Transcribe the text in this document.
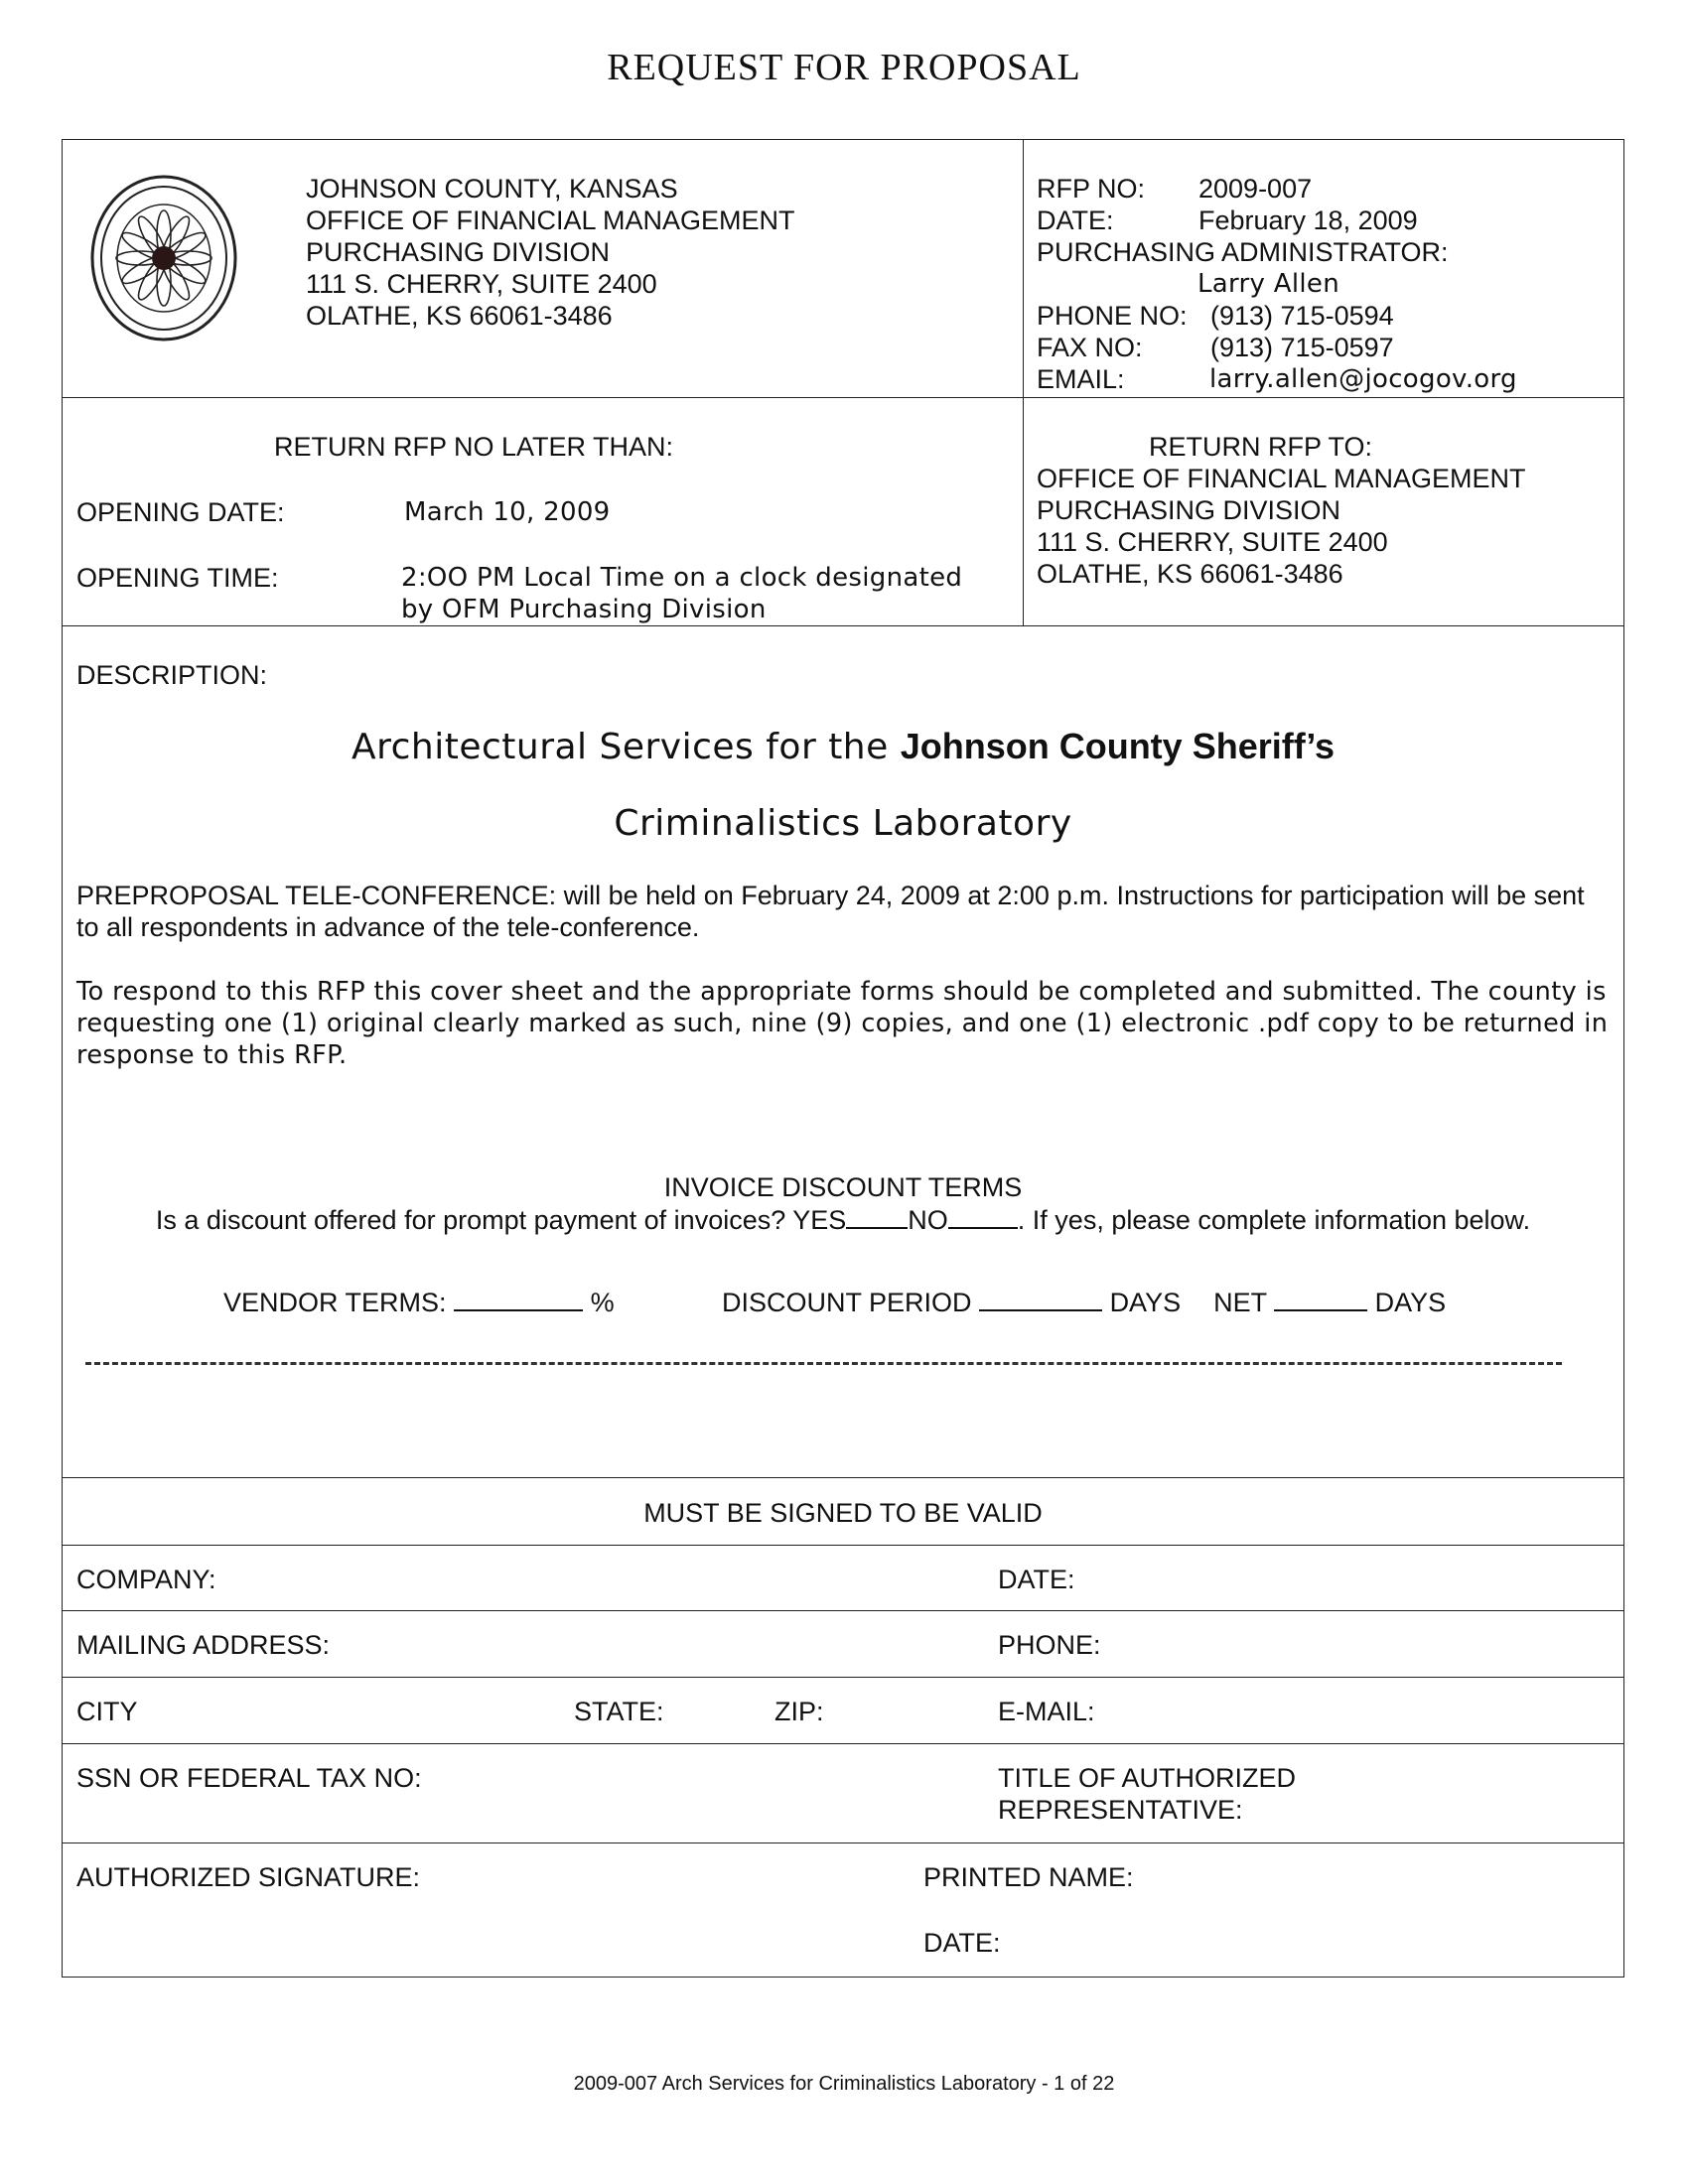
REQUEST FOR PROPOSAL
JOHNSON COUNTY, KANSAS
OFFICE OF FINANCIAL MANAGEMENT
PURCHASING DIVISION
111 S. CHERRY, SUITE 2400
OLATHE, KS 66061-3486
RFP NO: 2009-007
DATE:	February 18, 2009
PURCHASING ADMINISTRATOR:
Larry Allen
PHONE NO: (913) 715-0594
FAX NO:	(913) 715-0597
EMAIL:	larry.allen@jocogov.org
RETURN RFP NO LATER THAN:
OPENING DATE:	March 10, 2009
OPENING TIME:	2:OO PM Local Time on a clock designated
by OFM Purchasing Division
RETURN RFP TO:
OFFICE OF FINANCIAL MANAGEMENT
PURCHASING DIVISION
111 S. CHERRY, SUITE 2400
OLATHE, KS 66061-3486
DESCRIPTION:
Architectural Services for the Johnson County Sheriff’s
Criminalistics Laboratory
PREPROPOSAL TELE-CONFERENCE: will be held on February 24, 2009 at 2:00 p.m. Instructions for participation will be sent to all respondents in advance of the tele-conference.
To respond to this RFP this cover sheet and the appropriate forms should be completed and submitted. The county is requesting one (1) original clearly marked as such, nine (9) copies, and one (1) electronic .pdf copy to be returned in response to this RFP.
INVOICE DISCOUNT TERMS
Is a discount offered for prompt payment of invoices? YES NO	. If yes, please complete information below.
VENDOR TERMS:	%	DISCOUNT PERIOD	DAYS NET	DAYS
MUST BE SIGNED TO BE VALID
COMPANY:	DATE:
MAILING ADDRESS:	PHONE:
CITY	STATE:	ZIP:	E-MAIL:
SSN OR FEDERAL TAX NO:	TITLE OF AUTHORIZED
REPRESENTATIVE:
AUTHORIZED SIGNATURE:	PRINTED NAME:
DATE:
2009-007 Arch Services for Criminalistics Laboratory - 1 of 22
